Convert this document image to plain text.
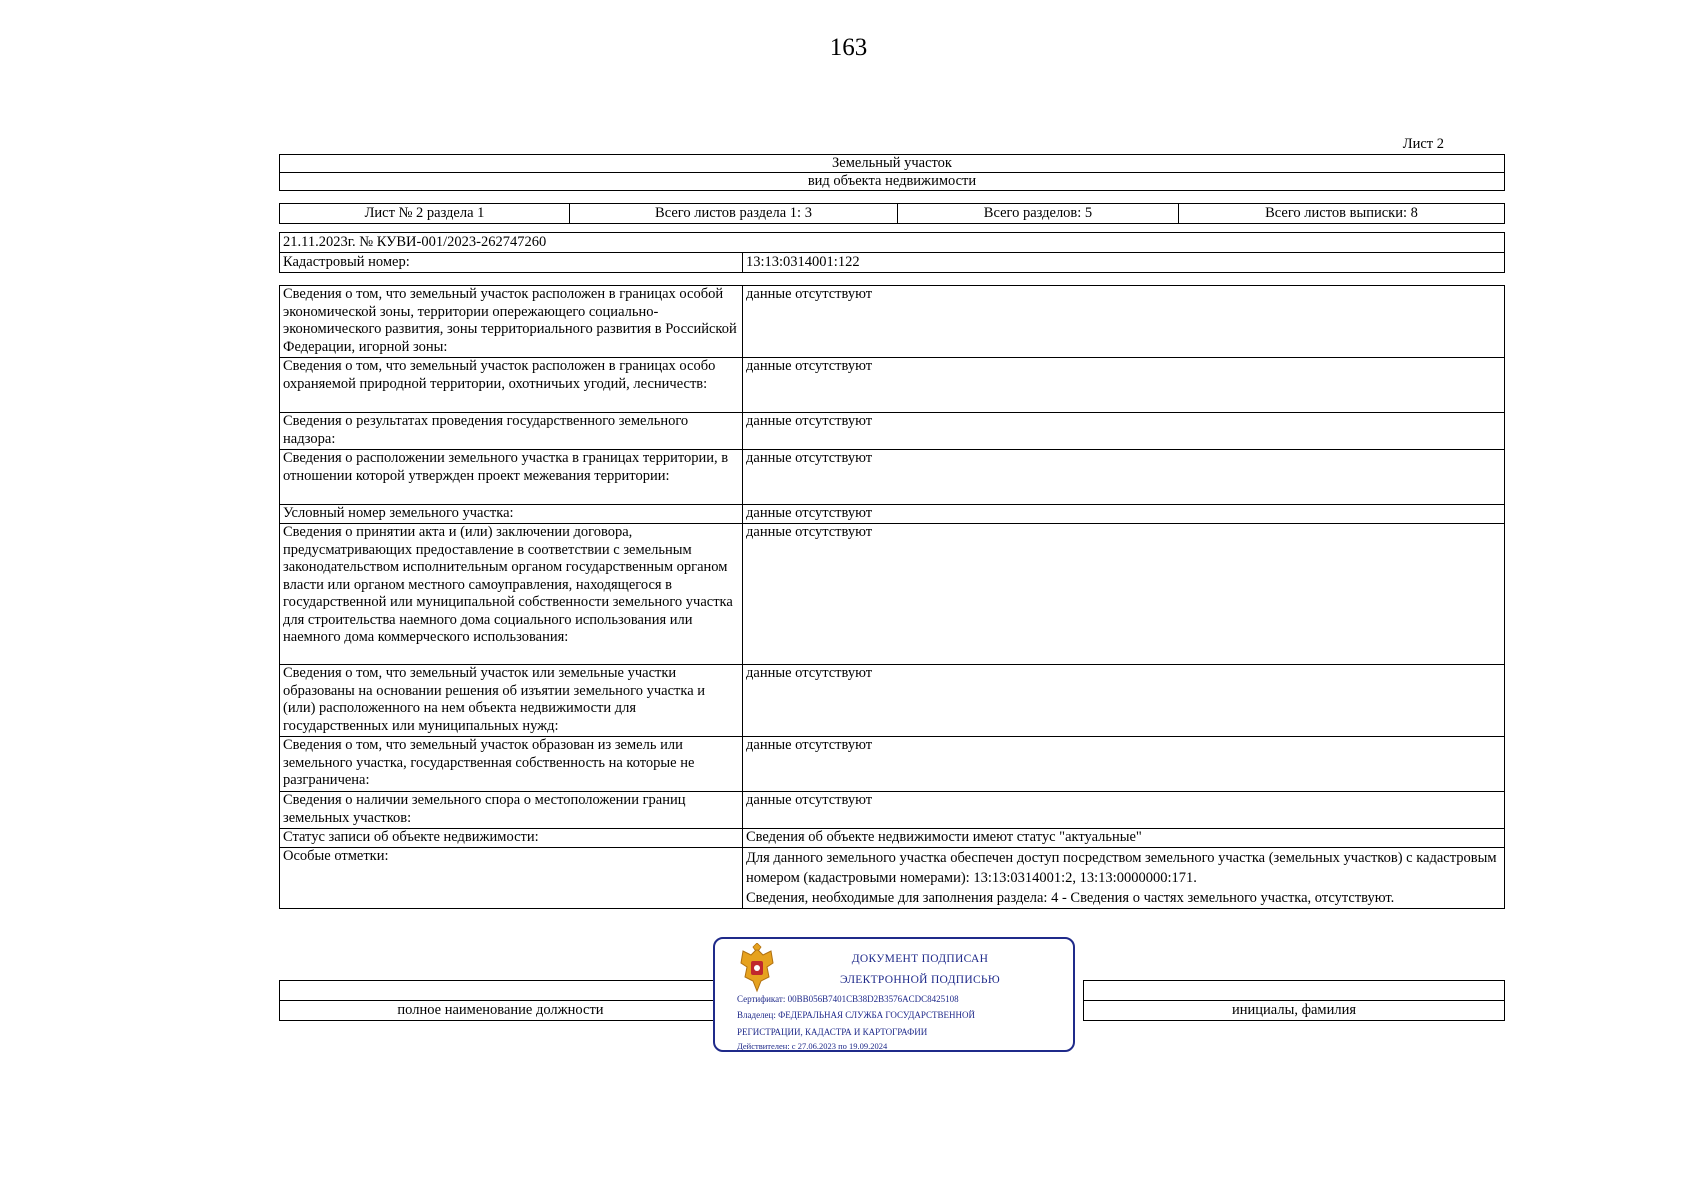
163
Лист 2
Земельный участок
вид объекта недвижимости
Лист № 2 раздела 1	Всего листов раздела 1: 3	Всего разделов: 5	Всего листов выписки: 8
21.11.2023г. № КУВИ-001/2023-262747260
Кадастровый номер:	13:13:0314001:122
Сведения о том, что земельный участок расположен в границах особой экономической зоны, территории опережающего социально-экономического развития, зоны территориального развития в Российской Федерации, игорной зоны:	данные отсутствуют
Сведения о том, что земельный участок расположен в границах особо охраняемой природной территории, охотничьих угодий, лесничеств:	данные отсутствуют
Сведения о результатах проведения государственного земельного надзора:	данные отсутствуют
Сведения о расположении земельного участка в границах территории, в отношении которой утвержден проект межевания территории:	данные отсутствуют
Условный номер земельного участка:	данные отсутствуют
Сведения о принятии акта и (или) заключении договора, предусматривающих предоставление в соответствии с земельным законодательством исполнительным органом государственным органом власти или органом местного самоуправления, находящегося в государственной или муниципальной собственности земельного участка для строительства наемного дома социального использования или наемного дома коммерческого использования:	данные отсутствуют
Сведения о том, что земельный участок или земельные участки образованы на основании решения об изъятии земельного участка и (или) расположенного на нем объекта недвижимости для государственных или муниципальных нужд:	данные отсутствуют
Сведения о том, что земельный участок образован из земель или земельного участка, государственная собственность на которые не разграничена:	данные отсутствуют
Сведения о наличии земельного спора о местоположении границ земельных участков:	данные отсутствуют
Статус записи об объекте недвижимости:	Сведения об объекте недвижимости имеют статус "актуальные"
Особые отметки:	Для данного земельного участка обеспечен доступ посредством земельного участка (земельных участков) с кадастровым номером (кадастровыми номерами): 13:13:0314001:2, 13:13:0000000:171.
Сведения, необходимые для заполнения раздела: 4 - Сведения о частях земельного участка, отсутствуют.

полное наименование должности		инициалы, фамилия
ДОКУМЕНТ ПОДПИСАН
ЭЛЕКТРОННОЙ ПОДПИСЬЮ
Сертификат: 00BB056B7401CB38D2B3576ACDC8425108
Владелец: ФЕДЕРАЛЬНАЯ СЛУЖБА ГОСУДАРСТВЕННОЙ
РЕГИСТРАЦИИ, КАДАСТРА И КАРТОГРАФИИ
Действителен: с 27.06.2023 по 19.09.2024
